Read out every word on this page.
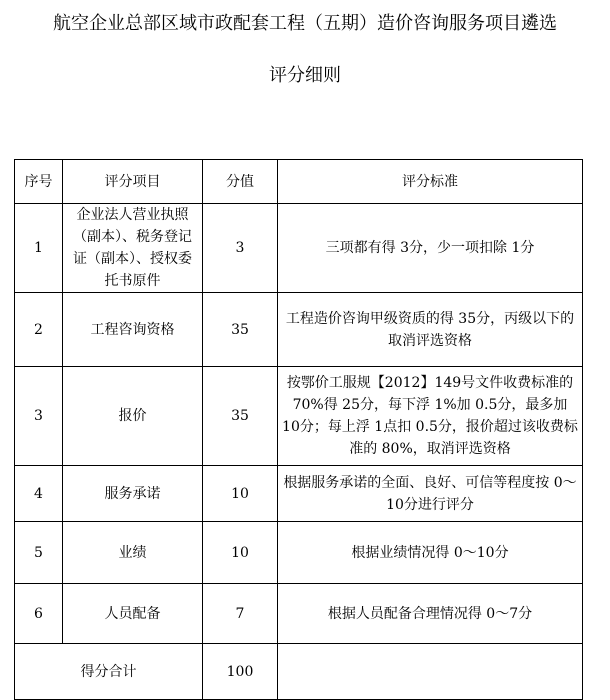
航空企业总部区域市政配套工程（五期）造价咨询服务项目遴选
评分细则
序号	评分项目	分值	评分标准
1	企业法人营业执照（副本）、税务登记证（副本）、授权委托书原件	3	三项都有得 3分，少一项扣除 1分
2	工程咨询资格	35	工程造价咨询甲级资质的得 35分，丙级以下的取消评选资格
3	报价	35	按鄂价工服规【2012】149号文件收费标准的 70%得 25分，每下浮 1%加 0.5分，最多加 10分；每上浮 1点扣 0.5分，报价超过该收费标准的 80%，取消评选资格
4	服务承诺	10	根据服务承诺的全面、良好、可信等程度按 0～10分进行评分
5	业绩	10	根据业绩情况得 0～10分
6	人员配备	7	根据人员配备合理情况得 0～7分
得分合计		100	
